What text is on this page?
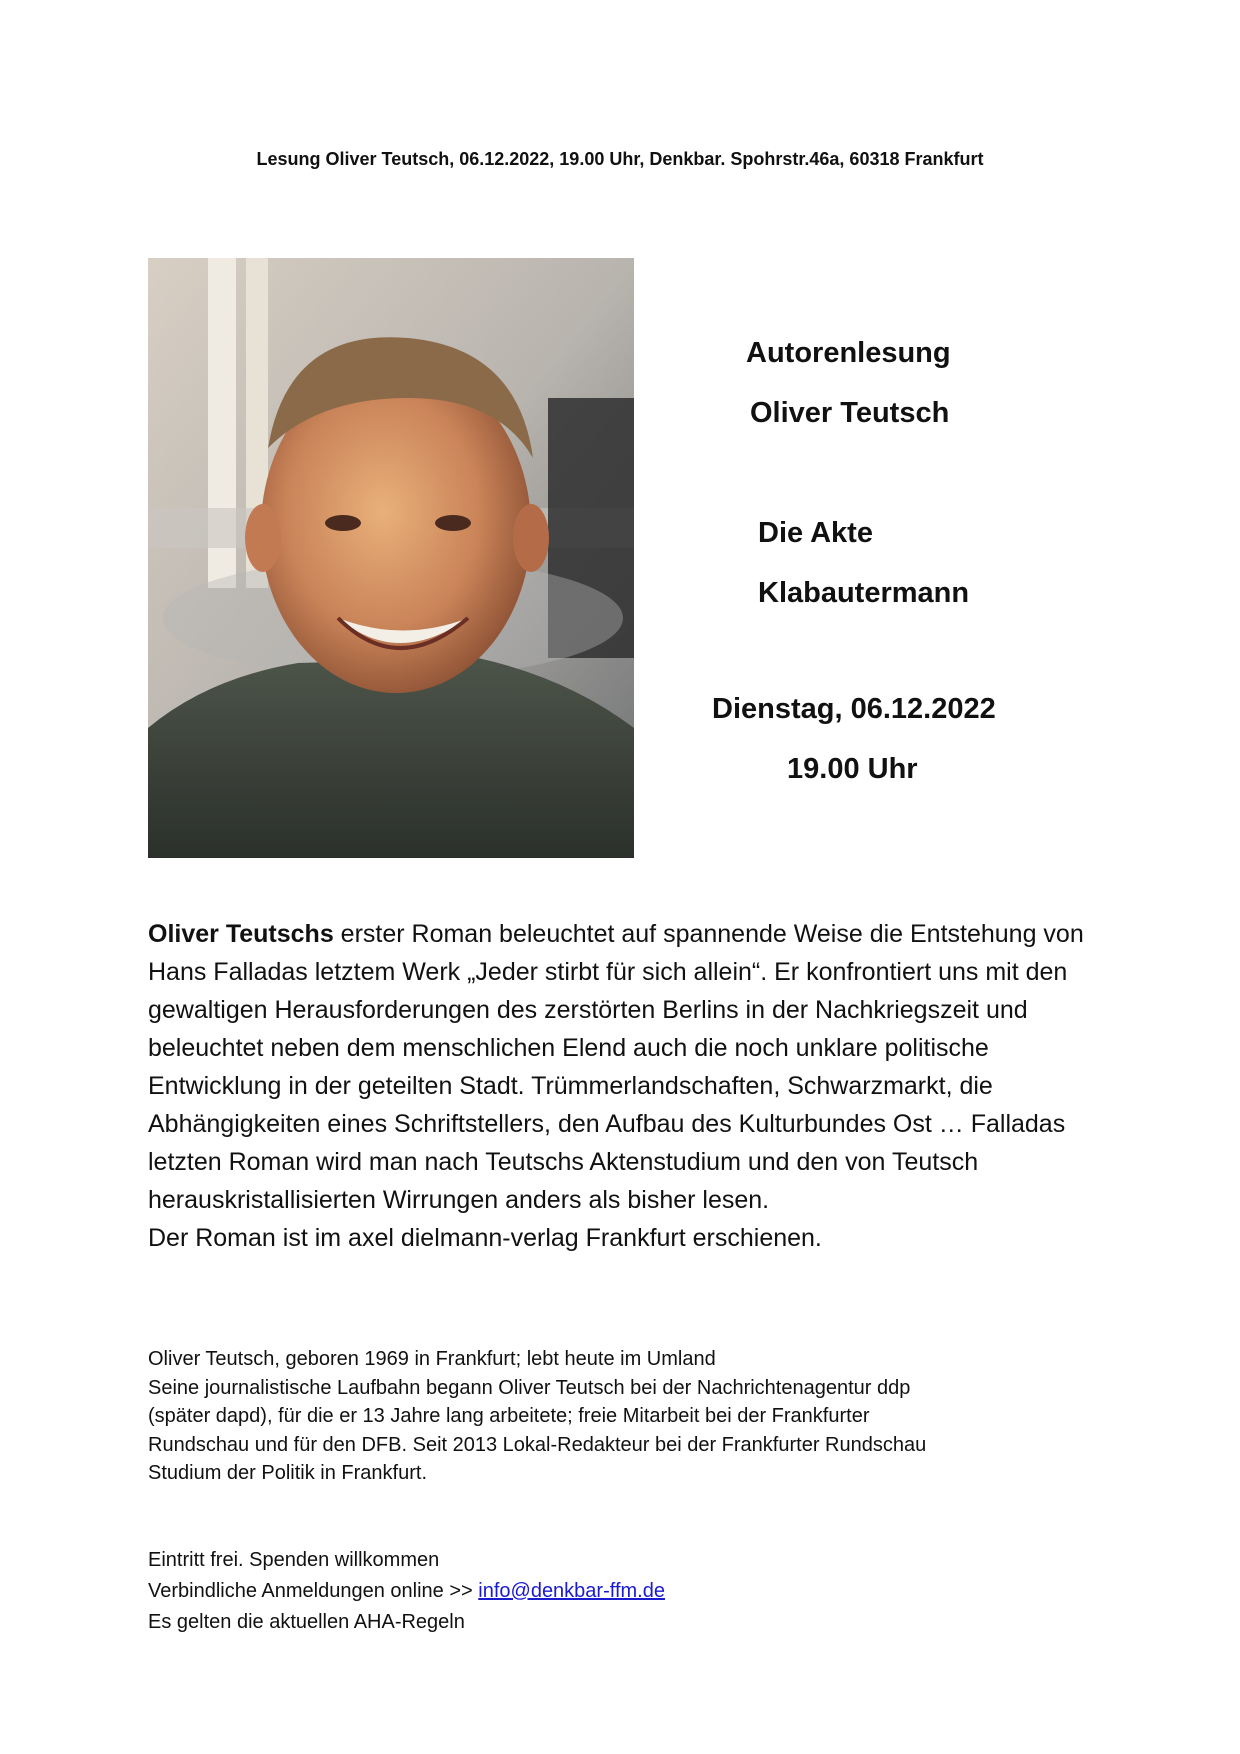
Lesung Oliver Teutsch, 06.12.2022, 19.00 Uhr, Denkbar. Spohrstr.46a, 60318 Frankfurt
Autorenlesung
Oliver Teutsch
Die Akte
Klabautermann
Dienstag, 06.12.2022
19.00 Uhr

Oliver Teutschs erster Roman beleuchtet auf spannende Weise die Entstehung von Hans Falladas letztem Werk „Jeder stirbt für sich allein“. Er konfrontiert uns mit den gewaltigen Herausforderungen des zerstörten Berlins in der Nachkriegszeit und beleuchtet neben dem menschlichen Elend auch die noch unklare politische Entwicklung in der geteilten Stadt. Trümmerlandschaften, Schwarzmarkt, die Abhängigkeiten eines Schriftstellers, den Aufbau des Kulturbundes Ost … Falladas letzten Roman wird man nach Teutschs Aktenstudium und den von Teutsch herauskristallisierten Wirrungen anders als bisher lesen.

Der Roman ist im axel dielmann-verlag Frankfurt erschienen.

Oliver Teutsch, geboren 1969 in Frankfurt; lebt heute im Umland
Seine journalistische Laufbahn begann Oliver Teutsch bei der Nachrichtenagentur ddp
(später dapd), für die er 13 Jahre lang arbeitete; freie Mitarbeit bei der Frankfurter
Rundschau und für den DFB. Seit 2013 Lokal-Redakteur bei der Frankfurter Rundschau
Studium der Politik in Frankfurt.
Eintritt frei. Spenden willkommen
Verbindliche Anmeldungen online >> info@denkbar-ffm.de
Es gelten die aktuellen AHA-Regeln
